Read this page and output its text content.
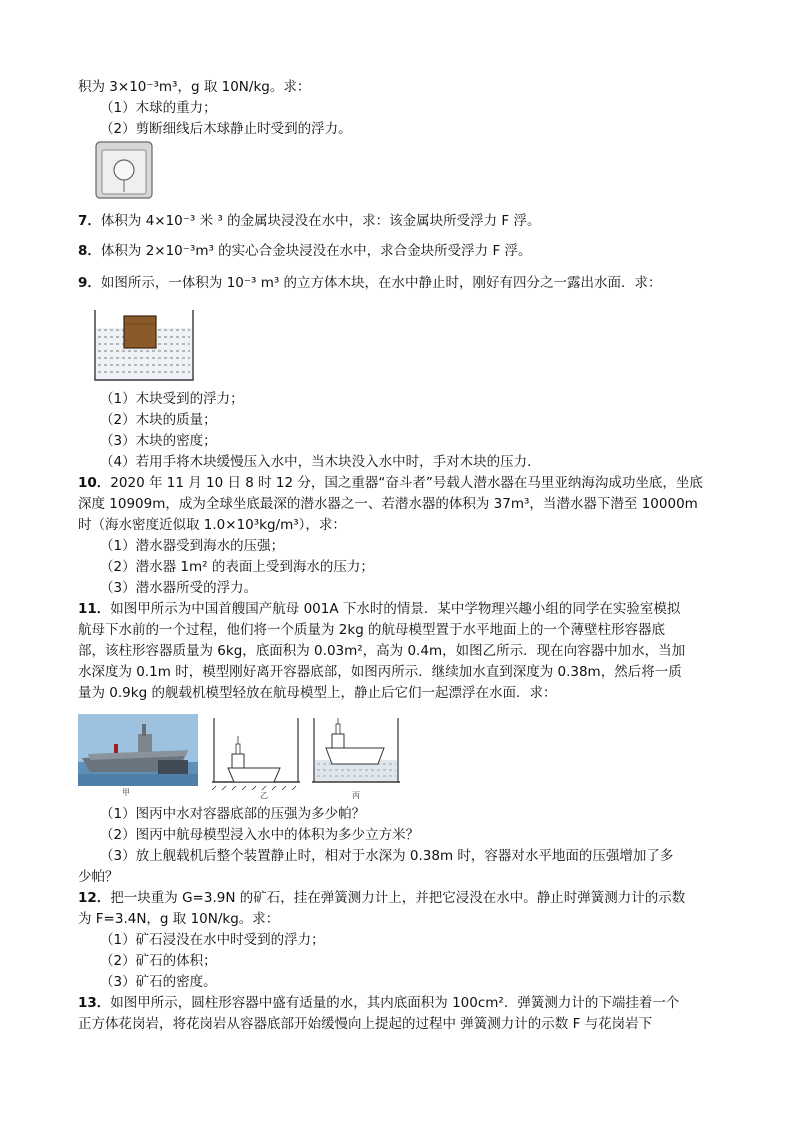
积为 3×10⁻³m³，g 取 10N/kg。求：
（1）木球的重力；
（2）剪断细线后木球静止时受到的浮力。
7．体积为 4×10⁻³ 米 ³ 的金属块浸没在水中，求：该金属块所受浮力 F 浮。
8．体积为 2×10⁻³m³ 的实心合金块浸没在水中，求合金块所受浮力 F 浮。
9．如图所示，一体积为 10⁻³ m³ 的立方体木块，在水中静止时，刚好有四分之一露出水面．求：
（1）木块受到的浮力；
（2）木块的质量；
（3）木块的密度；
（4）若用手将木块缓慢压入水中，当木块没入水中时，手对木块的压力．
10．2020 年 11 月 10 日 8 时 12 分，国之重器“奋斗者”号载人潜水器在马里亚纳海沟成功坐底，坐底
深度 10909m，成为全球坐底最深的潜水器之一、若潜水器的体积为 37m³，当潜水器下潜至 10000m
时（海水密度近似取 1.0×10³kg/m³），求：
（1）潜水器受到海水的压强；
（2）潜水器 1m² 的表面上受到海水的压力；
（3）潜水器所受的浮力。
11．如图甲所示为中国首艘国产航母 001A 下水时的情景．某中学物理兴趣小组的同学在实验室模拟
航母下水前的一个过程，他们将一个质量为 2kg 的航母模型置于水平地面上的一个薄壁柱形容器底
部，该柱形容器质量为 6kg，底面积为 0.03m²，高为 0.4m，如图乙所示．现在向容器中加水，当加
水深度为 0.1m 时，模型刚好离开容器底部，如图丙所示．继续加水直到深度为 0.38m，然后将一质
量为 0.9kg 的舰载机模型轻放在航母模型上，静止后它们一起漂浮在水面．求：
甲	乙	丙
（1）图丙中水对容器底部的压强为多少帕？
（2）图丙中航母模型浸入水中的体积为多少立方米？
（3）放上舰载机后整个装置静止时，相对于水深为 0.38m 时，容器对水平地面的压强增加了多
少帕？
12．把一块重为 G=3.9N 的矿石，挂在弹簧测力计上，并把它浸没在水中。静止时弹簧测力计的示数
为 F=3.4N，g 取 10N/kg。求：
（1）矿石浸没在水中时受到的浮力；
（2）矿石的体积；
（3）矿石的密度。
13．如图甲所示，圆柱形容器中盛有适量的水，其内底面积为 100cm²．弹簧测力计的下端挂着一个
正方体花岗岩，将花岗岩从容器底部开始缓慢向上提起的过程中 弹簧测力计的示数 F 与花岗岩下
